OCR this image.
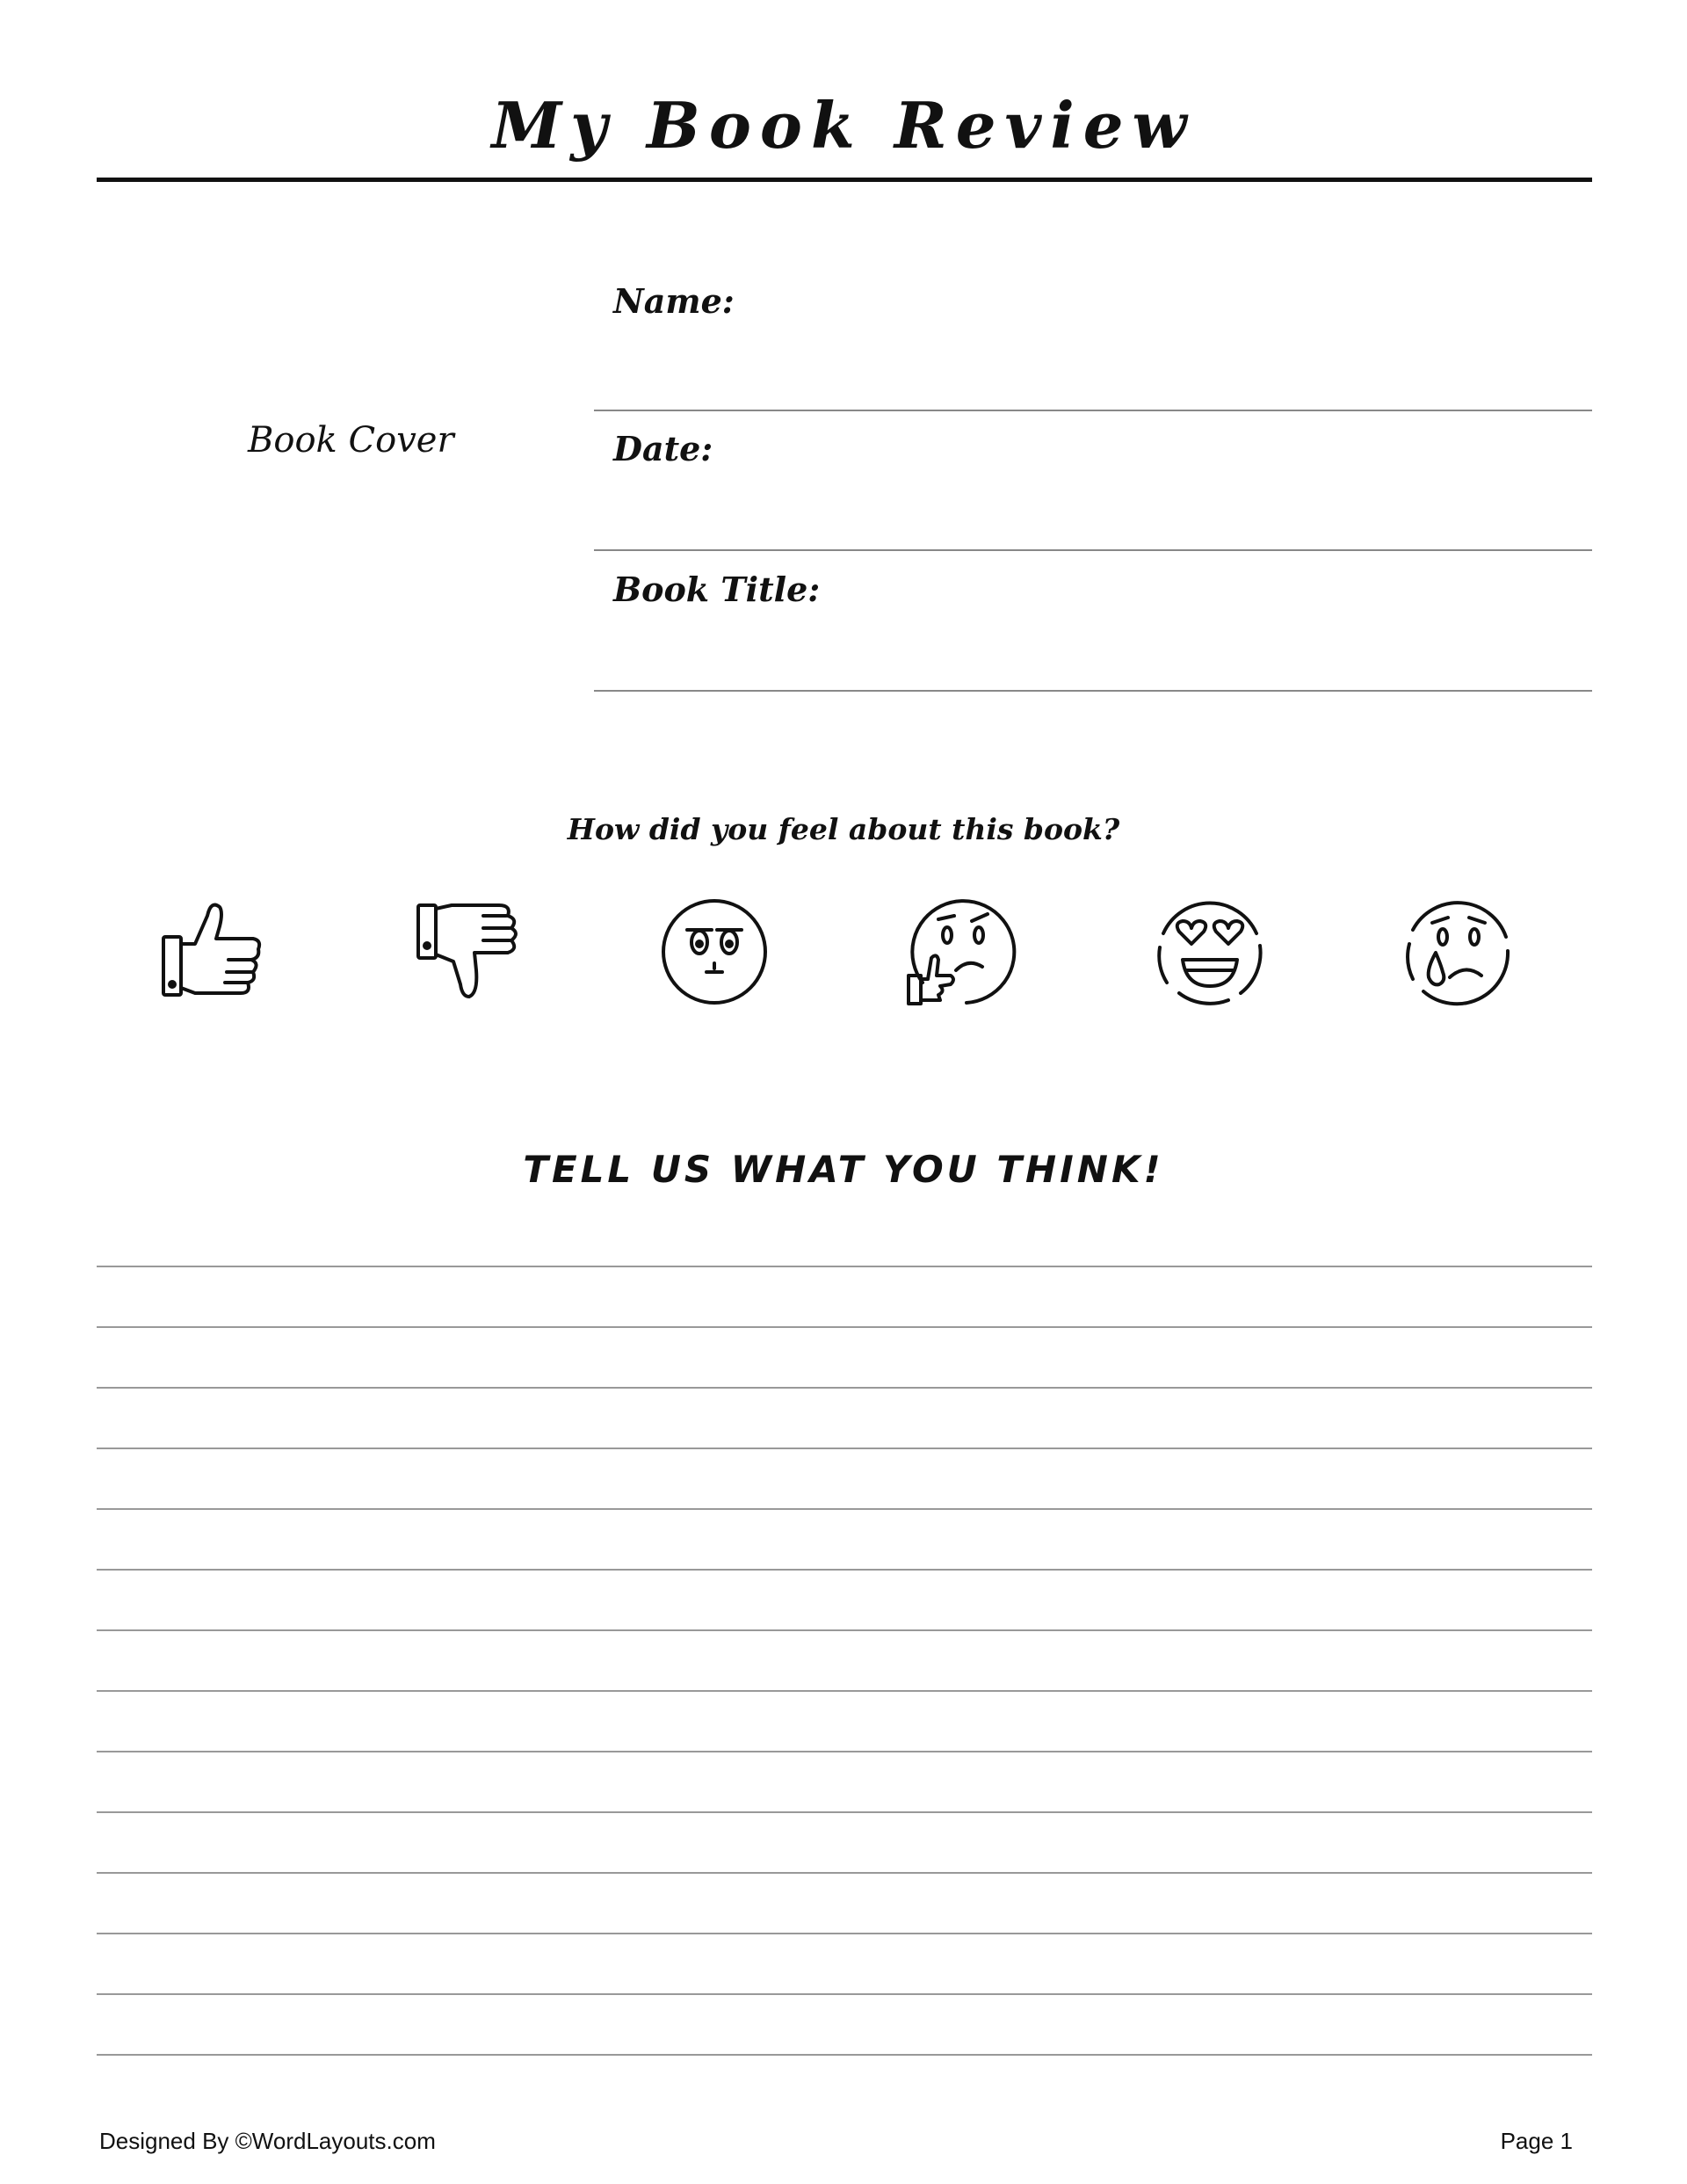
My Book Review
Book Cover
Name:
Date:
Book Title:
How did you feel about this book?
TELL US WHAT YOU THINK!
Designed By ©WordLayouts.com	Page 1
